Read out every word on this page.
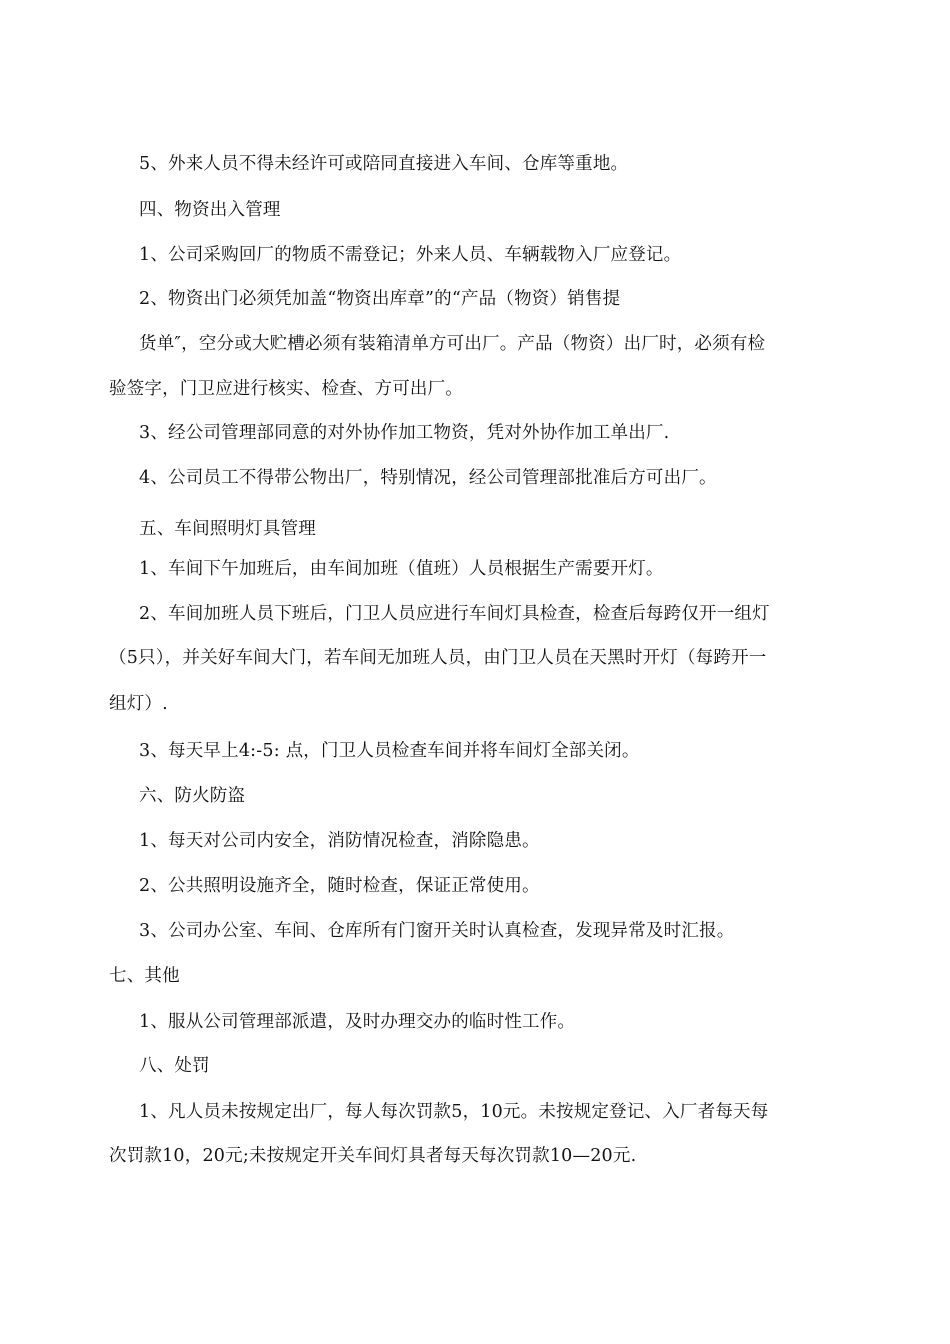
5、外来人员不得未经许可或陪同直接进入车间、仓库等重地。
四、物资出入管理
1、公司采购回厂的物质不需登记；外来人员、车辆载物入厂应登记。
2、物资出门必须凭加盖“物资出库章”的“产品（物资）销售提
货单″，空分或大贮槽必须有装箱清单方可出厂。产品（物资）出厂时，必须有检
验签字，门卫应进行核实、检查、方可出厂。
3、经公司管理部同意的对外协作加工物资，凭对外协作加工单出厂.
4、公司员工不得带公物出厂，特别情况，经公司管理部批准后方可出厂。
五、车间照明灯具管理
1、车间下午加班后，由车间加班（值班）人员根据生产需要开灯。
2、车间加班人员下班后，门卫人员应进行车间灯具检查，检查后每跨仅开一组灯
（5只），并关好车间大门，若车间无加班人员，由门卫人员在天黑时开灯（每跨开一
组灯）.
3、每天早上4:-5: 点，门卫人员检查车间并将车间灯全部关闭。
六、防火防盗
1、每天对公司内安全，消防情况检查，消除隐患。
2、公共照明设施齐全，随时检查，保证正常使用。
3、公司办公室、车间、仓库所有门窗开关时认真检查，发现异常及时汇报。
七、其他
1、服从公司管理部派遣，及时办理交办的临时性工作。
八、处罚
1、凡人员未按规定出厂，每人每次罚款5，10元。未按规定登记、入厂者每天每
次罚款10，20元;未按规定开关车间灯具者每天每次罚款10—20元.
